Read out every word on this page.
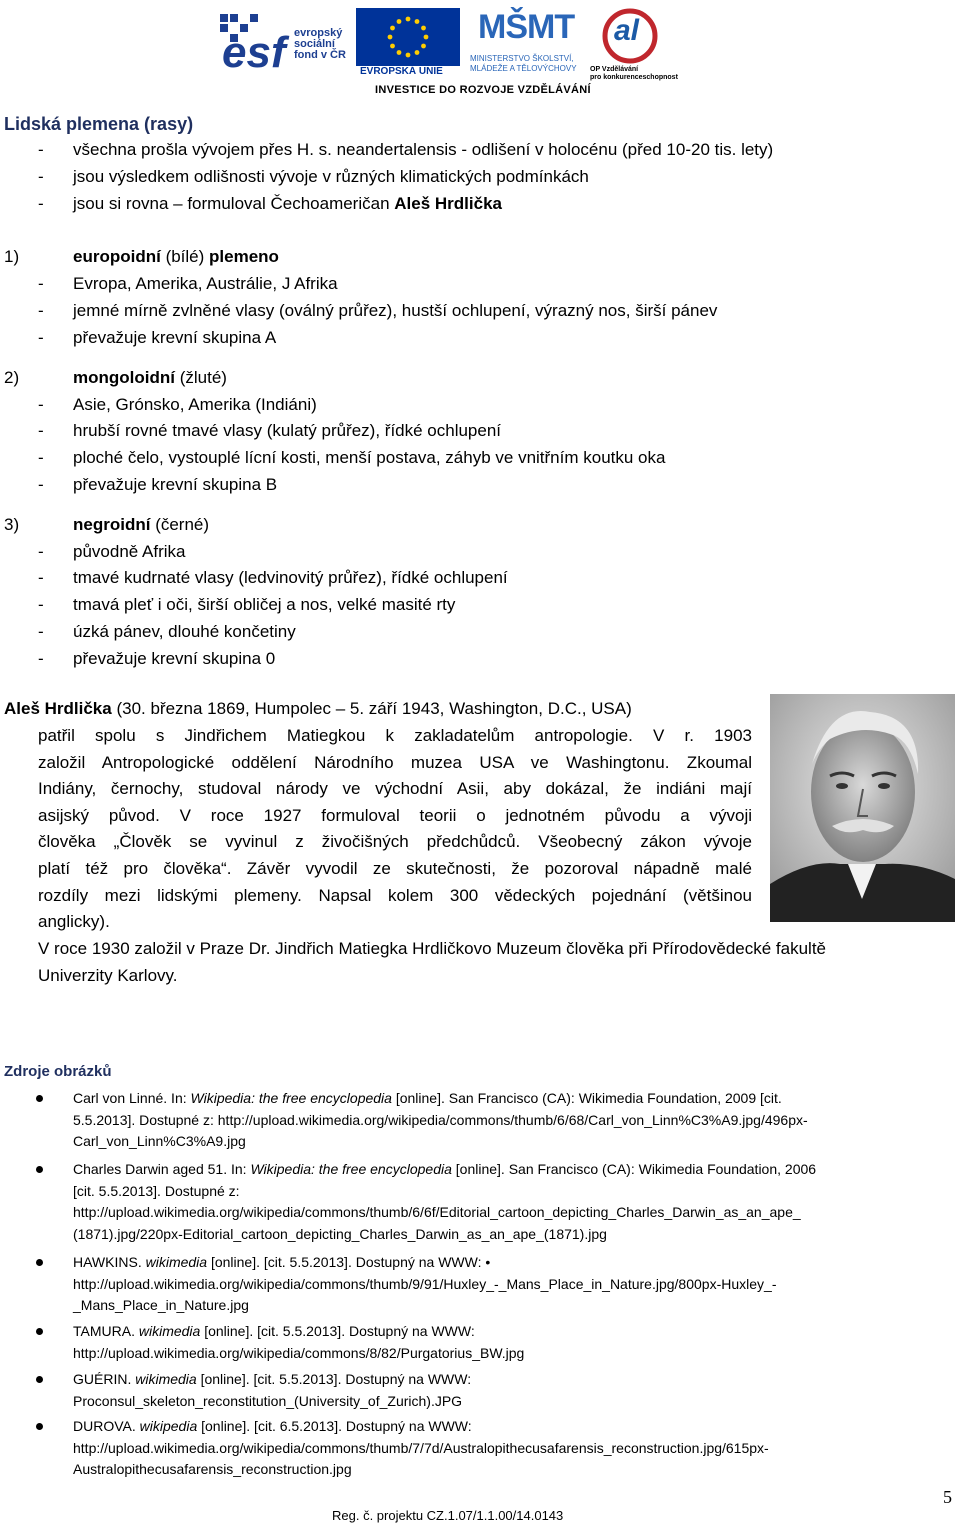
esf evropský
sociální
fond v ČR
EVROPSKÁ UNIE
MŠMT
MINISTERSTVO ŠKOLSTVÍ,
MLÁDEŽE A TĚLOVÝCHOVY
al
OP Vzdělávání
pro konkurenceschopnost
INVESTICE DO ROZVOJE VZDĚLÁVÁNÍ
Lidská plemena (rasy)
- všechna prošla vývojem přes H. s. neandertalensis - odlišení v holocénu (před 10-20 tis. lety)
- jsou výsledkem odlišnosti vývoje v různých klimatických podmínkách
- jsou si rovna – formuloval Čechoameričan Aleš Hrdlička
1)	europoidní (bílé) plemeno
- Evropa, Amerika, Austrálie, J Afrika
- jemné mírně zvlněné vlasy (oválný průřez), hustší ochlupení, výrazný nos, širší pánev
- převažuje krevní skupina A
2)	mongoloidní (žluté)
- Asie, Grónsko, Amerika (Indiáni)
- hrubší rovné tmavé vlasy (kulatý průřez), řídké ochlupení
- ploché čelo, vystouplé lícní kosti, menší postava, záhyb ve vnitřním koutku oka
- převažuje krevní skupina B
3)	negroidní (černé)
- původně Afrika
- tmavé kudrnaté vlasy (ledvinovitý průřez), řídké ochlupení
- tmavá pleť i oči, širší obličej a nos, velké masité rty
- úzká pánev, dlouhé končetiny
- převažuje krevní skupina 0
Aleš Hrdlička (30. března 1869, Humpolec – 5. září 1943, Washington, D.C., USA)
patřil spolu s Jindřichem Matiegkou k zakladatelům antropologie. V r. 1903
založil Antropologické oddělení Národního muzea USA ve Washingtonu. Zkoumal
Indiány, černochy, studoval národy ve východní Asii, aby dokázal, že indiáni mají
asijský původ. V roce 1927 formuloval teorii o jednotném původu a vývoji
člověka „Člověk se vyvinul z živočišných předchůdců. Všeobecný zákon vývoje
platí též pro člověka“. Závěr vyvodil ze skutečnosti, že pozoroval nápadně malé
rozdíly mezi lidskými plemeny. Napsal kolem 300 vědeckých pojednání (většinou
anglicky).
V roce 1930 založil v Praze Dr. Jindřich Matiegka Hrdličkovo Muzeum člověka při Přírodovědecké fakultě
Univerzity Karlovy.
Zdroje obrázků
Carl von Linné. In: Wikipedia: the free encyclopedia [online]. San Francisco (CA): Wikimedia Foundation, 2009 [cit.
5.5.2013]. Dostupné z: http://upload.wikimedia.org/wikipedia/commons/thumb/6/68/Carl_von_Linn%C3%A9.jpg/496px-
Carl_von_Linn%C3%A9.jpg
Charles Darwin aged 51. In: Wikipedia: the free encyclopedia [online]. San Francisco (CA): Wikimedia Foundation, 2006
[cit. 5.5.2013]. Dostupné z:
http://upload.wikimedia.org/wikipedia/commons/thumb/6/6f/Editorial_cartoon_depicting_Charles_Darwin_as_an_ape_
(1871).jpg/220px-Editorial_cartoon_depicting_Charles_Darwin_as_an_ape_(1871).jpg
HAWKINS. wikimedia [online]. [cit. 5.5.2013]. Dostupný na WWW: •
http://upload.wikimedia.org/wikipedia/commons/thumb/9/91/Huxley_-_Mans_Place_in_Nature.jpg/800px-Huxley_-
_Mans_Place_in_Nature.jpg
TAMURA. wikimedia [online]. [cit. 5.5.2013]. Dostupný na WWW:
http://upload.wikimedia.org/wikipedia/commons/8/82/Purgatorius_BW.jpg
GUÉRIN. wikimedia [online]. [cit. 5.5.2013]. Dostupný na WWW:
Proconsul_skeleton_reconstitution_(University_of_Zurich).JPG
DUROVA. wikipedia [online]. [cit. 6.5.2013]. Dostupný na WWW:
http://upload.wikimedia.org/wikipedia/commons/thumb/7/7d/Australopithecusafarensis_reconstruction.jpg/615px-
Australopithecusafarensis_reconstruction.jpg
5
Reg. č. projektu CZ.1.07/1.1.00/14.0143
